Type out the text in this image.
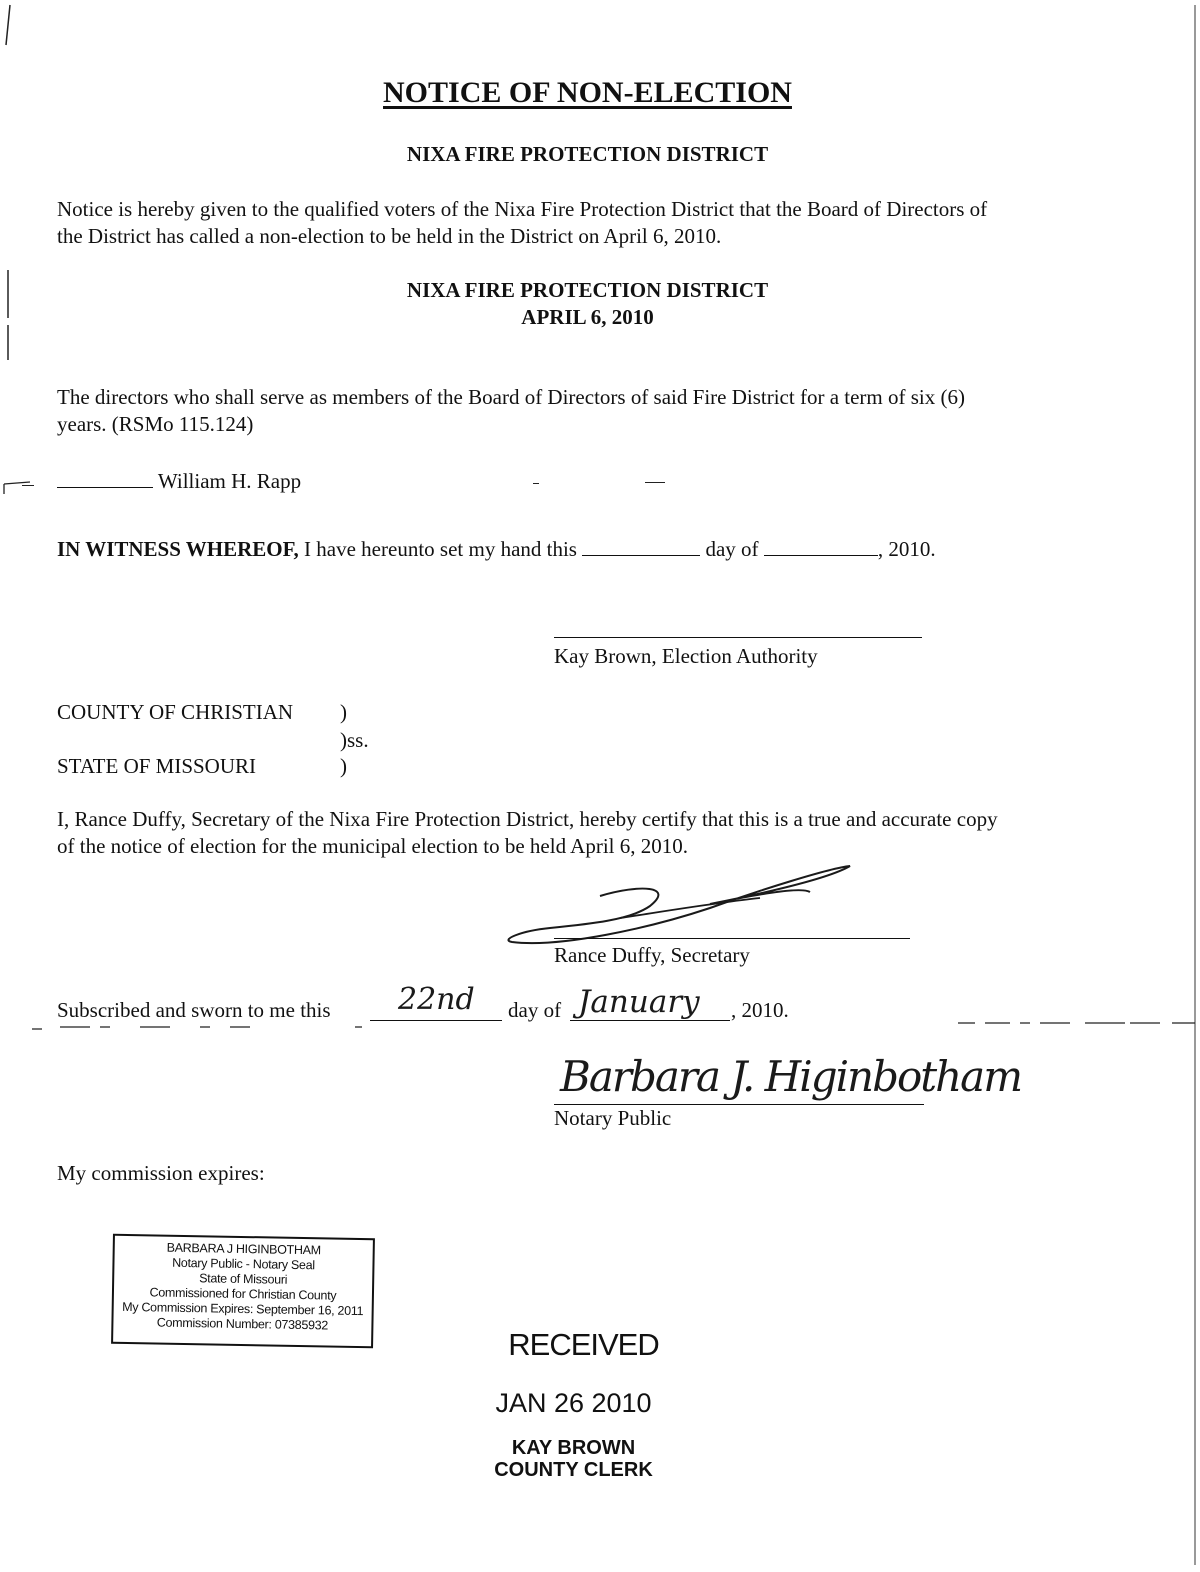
NOTICE OF NON-ELECTION
NIXA FIRE PROTECTION DISTRICT
Notice is hereby given to the qualified voters of the Nixa Fire Protection District that the Board of Directors of
the District has called a non-election to be held in the District on April 6, 2010.
NIXA FIRE PROTECTION DISTRICT
APRIL 6, 2010
The directors who shall serve as members of the Board of Directors of said Fire District for a term of six (6)
years. (RSMo 115.124)
William H. Rapp
IN WITNESS WHEREOF, I have hereunto set my hand this	day of	, 2010.
Kay Brown, Election Authority
COUNTY OF CHRISTIAN )
)ss.
STATE OF MISSOURI	)
I, Rance Duffy, Secretary of the Nixa Fire Protection District, hereby certify that this is a true and accurate copy
of the notice of election for the municipal election to be held April 6, 2010.
Rance Duffy, Secretary
Subscribed and sworn to me this 22nd day of January , 2010.
Barbara J. Higinbotham
Notary Public
My commission expires:
BARBARA J HIGINBOTHAM
Notary Public - Notary Seal
State of Missouri
Commissioned for Christian County
My Commission Expires: September 16, 2011
Commission Number: 07385932
RECEIVED
JAN 26 2010
KAY BROWN
COUNTY CLERK
